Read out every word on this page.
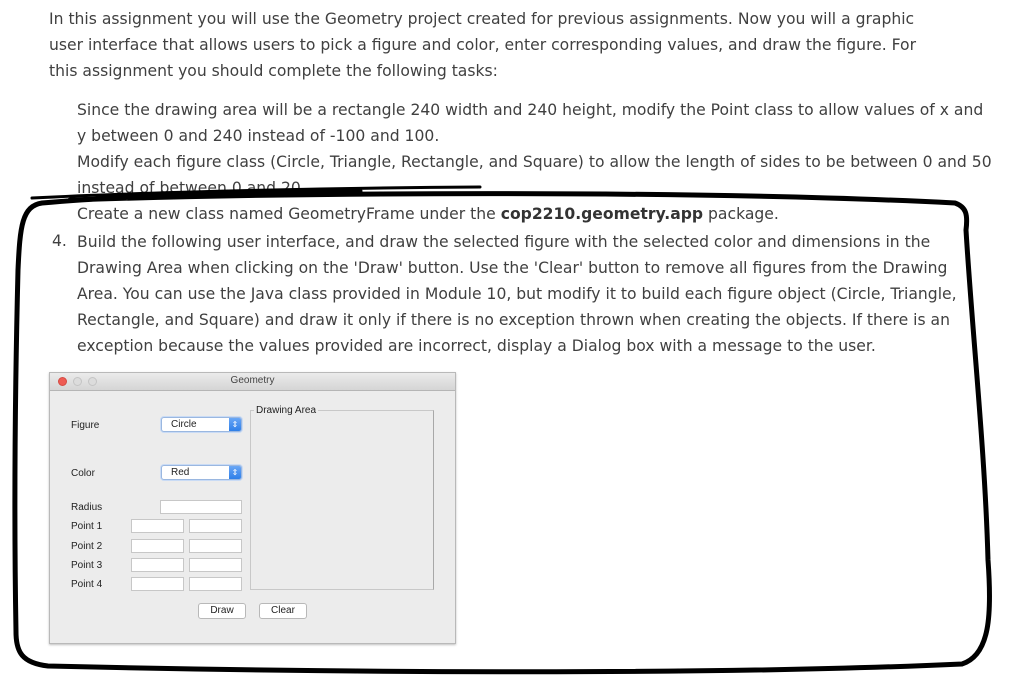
In this assignment you will use the Geometry project created for previous assignments. Now you will a graphic user interface that allows users to pick a figure and color, enter corresponding values, and draw the figure. For this assignment you should complete the following tasks:

Since the drawing area will be a rectangle 240 width and 240 height, modify the Point class to allow values of x and
y between 0 and 240 instead of -100 and 100.
Modify each figure class (Circle, Triangle, Rectangle, and Square) to allow the length of sides to be between 0 and 50
instead of between 0 and 20.
Create a new class named GeometryFrame under the cop2210.geometry.app package.
4. Build the following user interface, and draw the selected figure with the selected color and dimensions in the Drawing Area when clicking on the 'Draw' button. Use the 'Clear' button to remove all figures from the Drawing Area. You can use the Java class provided in Module 10, but modify it to build each figure object (Circle, Triangle, Rectangle, and Square) and draw it only if there is no exception thrown when creating the objects. If there is an exception because the values provided are incorrect, display a Dialog box with a message to the user.

Geometry
Figure	Circle	⇕
Color	Red	⇕
Radius
Point 1
Point 2
Point 3
Point 4
Drawing Area
Draw	Clear
